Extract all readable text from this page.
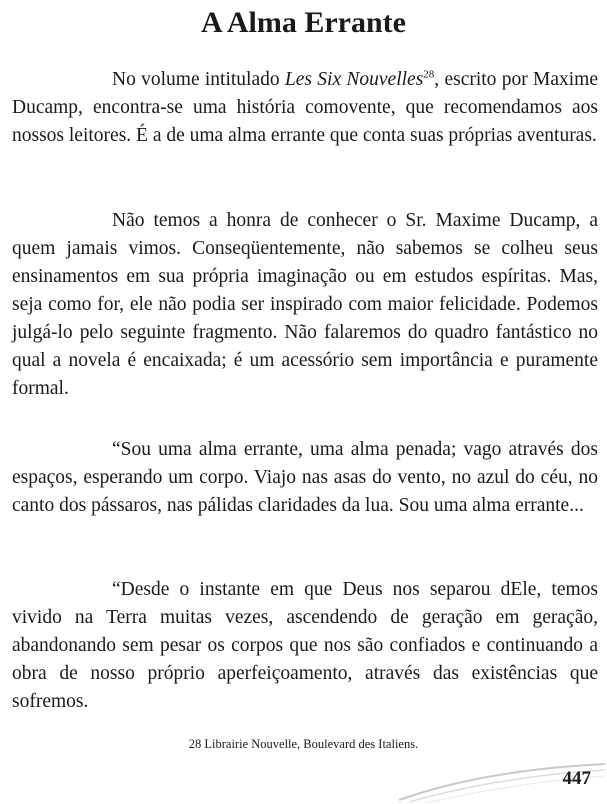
A Alma Errante

No volume intitulado Les Six Nouvelles$^{28}$, escrito por Maxime Ducamp, encontra-se uma história comovente, que recomendamos aos nossos leitores. É a de uma alma errante que conta suas próprias aventuras.

Não temos a honra de conhecer o Sr. Maxime Ducamp, a quem jamais vimos. Conseqüentemente, não sabemos se colheu seus ensinamentos em sua própria imaginação ou em estudos espíritas. Mas, seja como for, ele não podia ser inspirado com maior felicidade. Podemos julgá-lo pelo seguinte fragmento. Não falaremos do quadro fantástico no qual a novela é encaixada; é um acessório sem importância e puramente formal.

“Sou uma alma errante, uma alma penada; vago através dos espaços, esperando um corpo. Viajo nas asas do vento, no azul do céu, no canto dos pássaros, nas pálidas claridades da lua. Sou uma alma errante...

“Desde o instante em que Deus nos separou dEle, temos vivido na Terra muitas vezes, ascendendo de geração em geração, abandonando sem pesar os corpos que nos são confiados e continuando a obra de nosso próprio aperfeiçoamento, através das existências que sofremos.

28 Librairie Nouvelle, Boulevard des Italiens.

447
